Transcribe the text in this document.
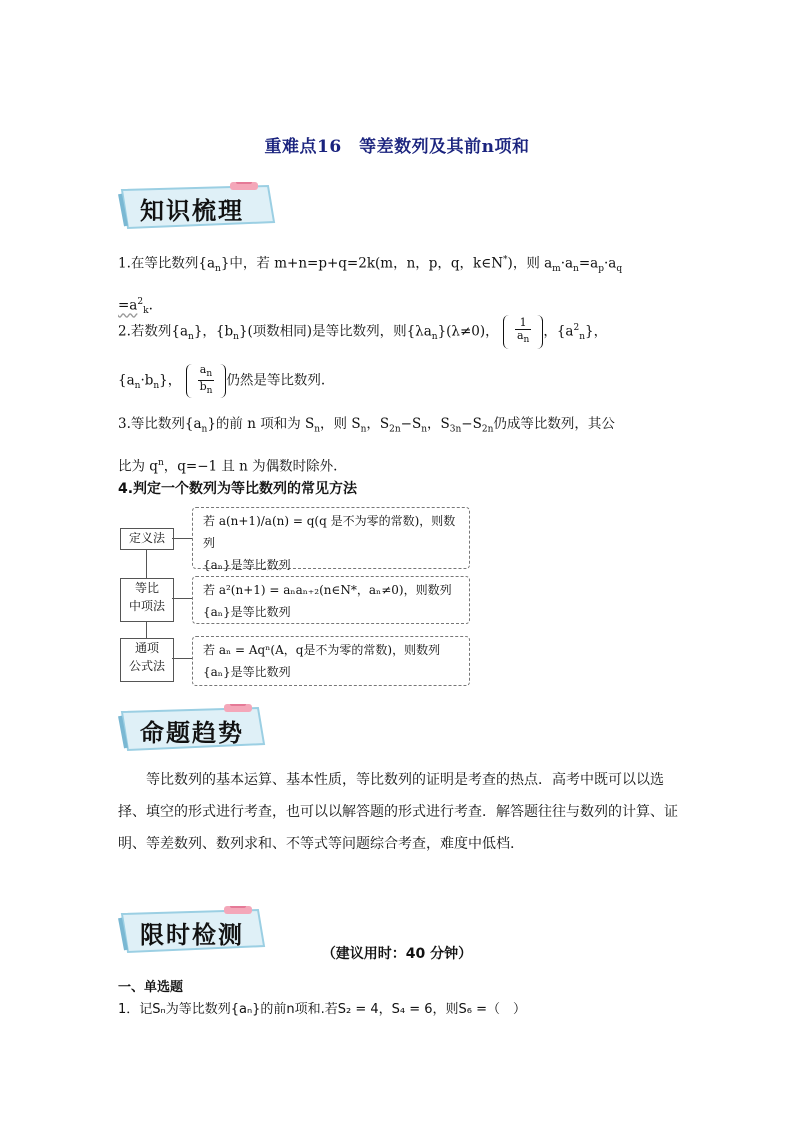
重难点16　等差数列及其前n项和
知识梳理
1.在等比数列$\{a_n\}$中，若 m+n=p+q=2k(m，n，p，q，k∈N*)，则 $a_m\cdot a_n=a_p\cdot a_q$
$=a^2_k$.
2.若数列$\{a_n\}$，$\{b_n\}$(项数相同)是等比数列，则$\{\lambda a_n\}(\lambda\ne 0)$， $\frac{1}{a_n}$ ，$\{a^2_n\}$，
$\{a_n\cdot b_n\}$， $\frac{a_n}{b_n}$ 仍然是等比数列.
3.等比数列$\{a_n\}$的前 n 项和为 $S_n$，则 $S_n$，$S_{2n}-S_n$，$S_{3n}-S_{2n}$仍成等比数列，其公
比为 $q^n$，q=−1 且 n 为偶数时除外.
4.判定一个数列为等比数列的常见方法
定义法
若 a(n+1)/a(n) = q(q 是不为零的常数)，则数列
{aₙ}是等比数列
等比
中项法
若 a²(n+1) = aₙaₙ₊₂(n∈N*，aₙ≠0)，则数列
{aₙ}是等比数列
通项
公式法
若 aₙ = Aqⁿ(A，q是不为零的常数)，则数列
{aₙ}是等比数列
命题趋势
等比数列的基本运算、基本性质，等比数列的证明是考查的热点．高考中既可以以选择、填空的形式进行考查，也可以以解答题的形式进行考查．解答题往往与数列的计算、证明、等差数列、数列求和、不等式等问题综合考查，难度中低档.
限时检测
（建议用时：40 分钟）
一、单选题
1．记Sₙ为等比数列{aₙ}的前n项和.若S₂ = 4，S₄ = 6，则S₆ =（　）
